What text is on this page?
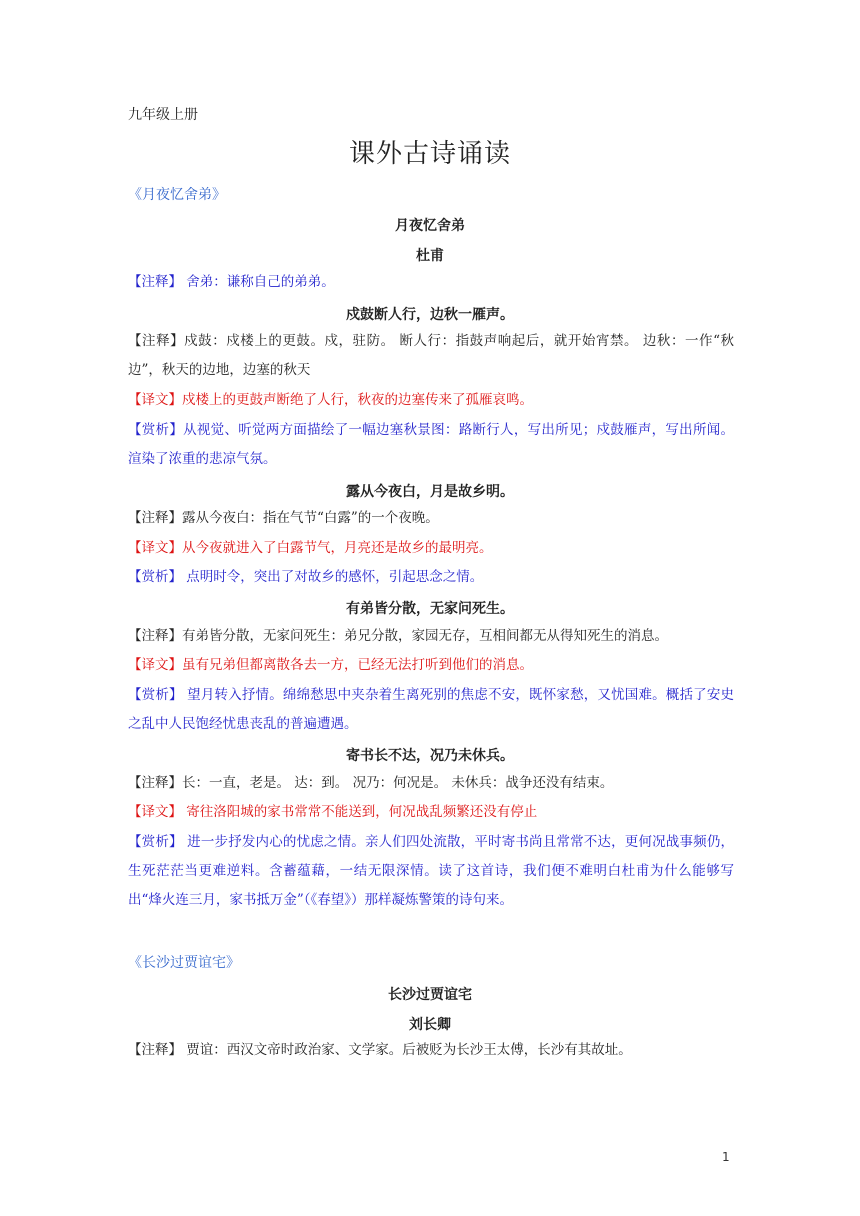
九年级上册
课外古诗诵读
《月夜忆舍弟》
月夜忆舍弟
杜甫
【注释】 舍弟：谦称自己的弟弟。
戍鼓断人行，边秋一雁声。
【注释】戍鼓：戍楼上的更鼓。戍，驻防。 断人行：指鼓声响起后，就开始宵禁。 边秋：一作“秋边”，秋天的边地，边塞的秋天
【译文】戍楼上的更鼓声断绝了人行，秋夜的边塞传来了孤雁哀鸣。
【赏析】从视觉、听觉两方面描绘了一幅边塞秋景图：路断行人，写出所见；戍鼓雁声，写出所闻。渲染了浓重的悲凉气氛。
露从今夜白，月是故乡明。
【注释】露从今夜白：指在气节“白露”的一个夜晚。
【译文】从今夜就进入了白露节气，月亮还是故乡的最明亮。
【赏析】 点明时令，突出了对故乡的感怀，引起思念之情。
有弟皆分散，无家问死生。
【注释】有弟皆分散，无家问死生：弟兄分散，家园无存，互相间都无从得知死生的消息。
【译文】虽有兄弟但都离散各去一方，已经无法打听到他们的消息。
【赏析】 望月转入抒情。绵绵愁思中夹杂着生离死别的焦虑不安，既怀家愁，又忧国难。概括了安史之乱中人民饱经忧患丧乱的普遍遭遇。
寄书长不达，况乃未休兵。
【注释】长：一直，老是。 达：到。 况乃：何况是。 未休兵：战争还没有结束。
【译文】 寄往洛阳城的家书常常不能送到，何况战乱频繁还没有停止
【赏析】 进一步抒发内心的忧虑之情。亲人们四处流散，平时寄书尚且常常不达，更何况战事频仍，生死茫茫当更难逆料。含蓄蕴藉，一结无限深情。读了这首诗，我们便不难明白杜甫为什么能够写出“烽火连三月，家书抵万金”（《春望》）那样凝炼警策的诗句来。
《长沙过贾谊宅》
长沙过贾谊宅
刘长卿
【注释】 贾谊：西汉文帝时政治家、文学家。后被贬为长沙王太傅，长沙有其故址。
1
